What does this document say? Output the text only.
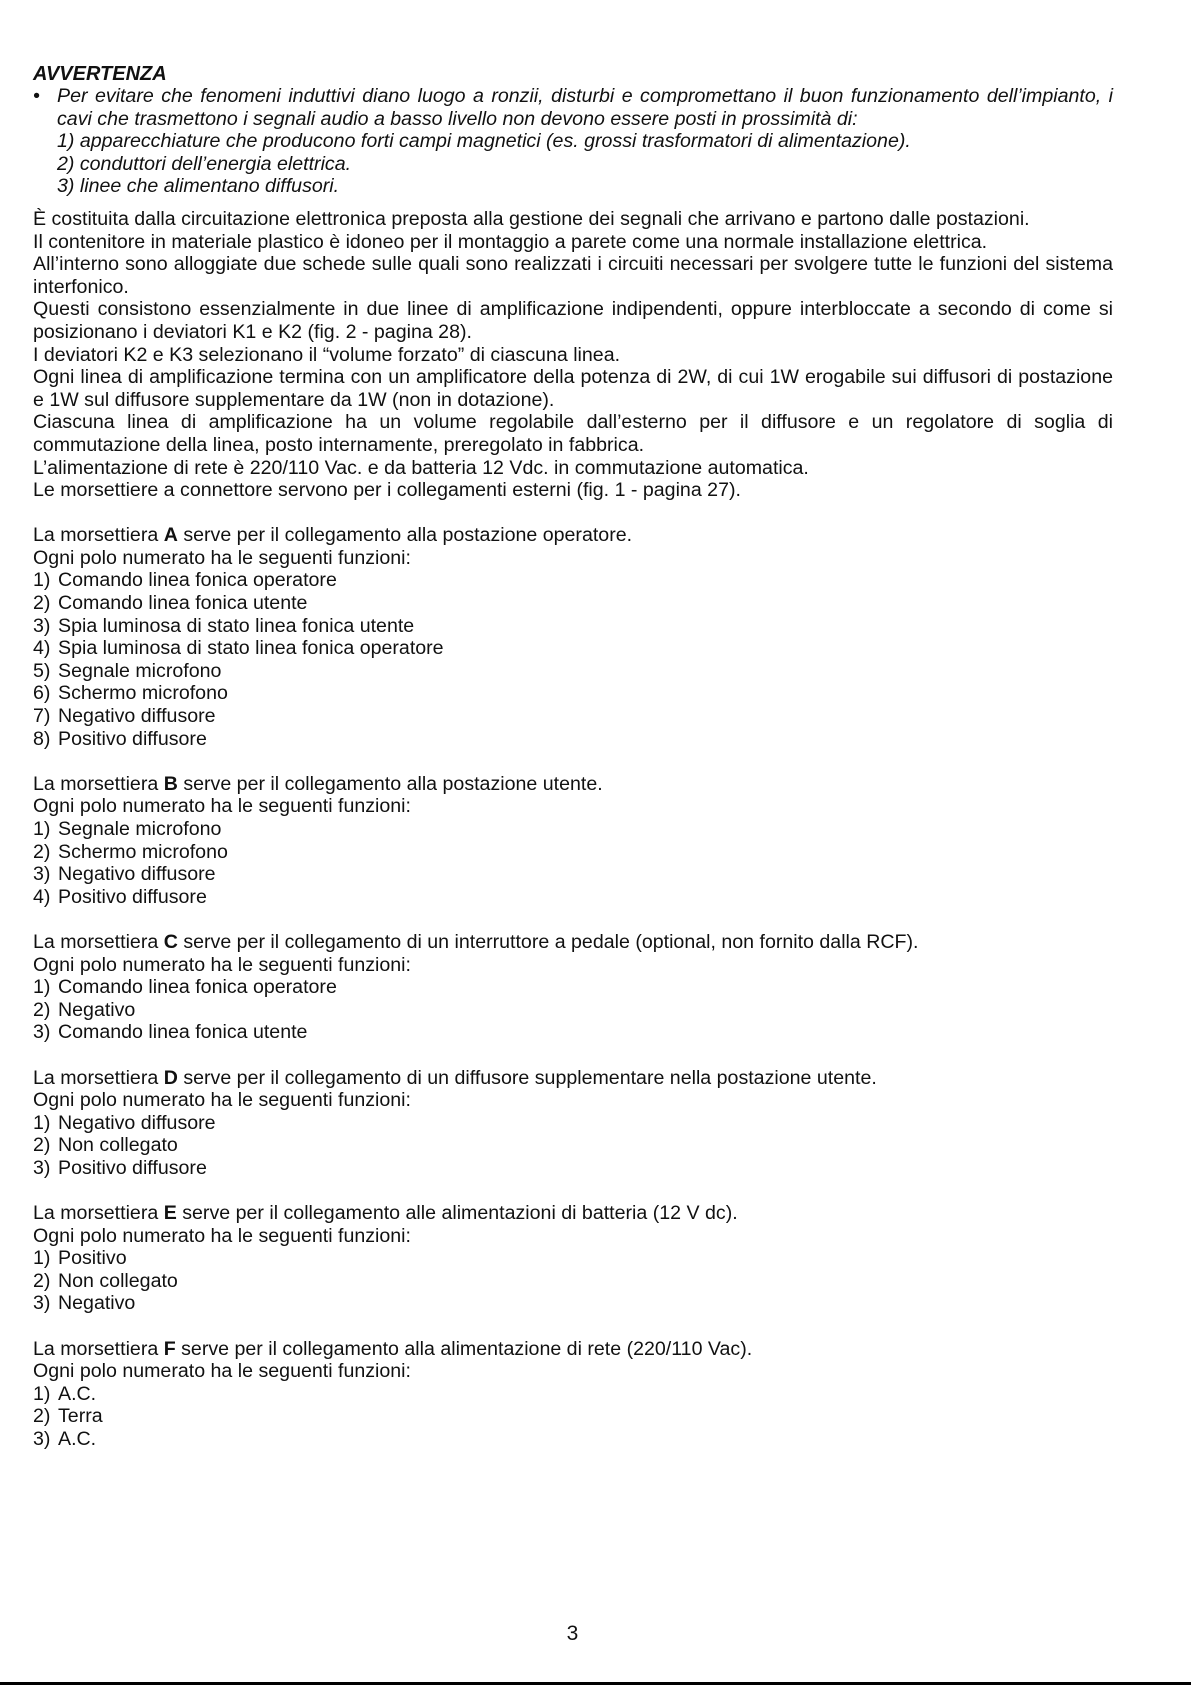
AVVERTENZA
• Per evitare che fenomeni induttivi diano luogo a ronzii, disturbi e compromettano il buon funzionamento dell’impianto, i cavi che trasmettono i segnali audio a basso livello non devono essere posti in prossimità di:
1) apparecchiature che producono forti campi magnetici (es. grossi trasformatori di alimentazione).
2) conduttori dell’energia elettrica.
3) linee che alimentano diffusori.
È costituita dalla circuitazione elettronica preposta alla gestione dei segnali che arrivano e partono dalle postazioni.
Il contenitore in materiale plastico è idoneo per il montaggio a parete come una normale installazione elettrica.
All’interno sono alloggiate due schede sulle quali sono realizzati i circuiti necessari per svolgere tutte le funzioni del sistema interfonico.
Questi consistono essenzialmente in due linee di amplificazione indipendenti, oppure interbloccate a secondo di come si posizionano i deviatori K1 e K2 (fig. 2 - pagina 28).
I deviatori K2 e K3 selezionano il “volume forzato” di ciascuna linea.
Ogni linea di amplificazione termina con un amplificatore della potenza di 2W, di cui 1W erogabile sui diffusori di postazione e 1W sul diffusore supplementare da 1W (non in dotazione).
Ciascuna linea di amplificazione ha un volume regolabile dall’esterno per il diffusore e un regolatore di soglia di commutazione della linea, posto internamente, preregolato in fabbrica.
L’alimentazione di rete è 220/110 Vac. e da batteria 12 Vdc. in commutazione automatica.
Le morsettiere a connettore servono per i collegamenti esterni (fig. 1 - pagina 27).
La morsettiera A serve per il collegamento alla postazione operatore.
Ogni polo numerato ha le seguenti funzioni:
1) Comando linea fonica operatore
2) Comando linea fonica utente
3) Spia luminosa di stato linea fonica utente
4) Spia luminosa di stato linea fonica operatore
5) Segnale microfono
6) Schermo microfono
7) Negativo diffusore
8) Positivo diffusore
La morsettiera B serve per il collegamento alla postazione utente.
Ogni polo numerato ha le seguenti funzioni:
1) Segnale microfono
2) Schermo microfono
3) Negativo diffusore
4) Positivo diffusore
La morsettiera C serve per il collegamento di un interruttore a pedale (optional, non fornito dalla RCF).
Ogni polo numerato ha le seguenti funzioni:
1) Comando linea fonica operatore
2) Negativo
3) Comando linea fonica utente
La morsettiera D serve per il collegamento di un diffusore supplementare nella postazione utente.
Ogni polo numerato ha le seguenti funzioni:
1) Negativo diffusore
2) Non collegato
3) Positivo diffusore
La morsettiera E serve per il collegamento alle alimentazioni di batteria (12 V dc).
Ogni polo numerato ha le seguenti funzioni:
1) Positivo
2) Non collegato
3) Negativo
La morsettiera F serve per il collegamento alla alimentazione di rete (220/110 Vac).
Ogni polo numerato ha le seguenti funzioni:
1) A.C.
2) Terra
3) A.C.
3
